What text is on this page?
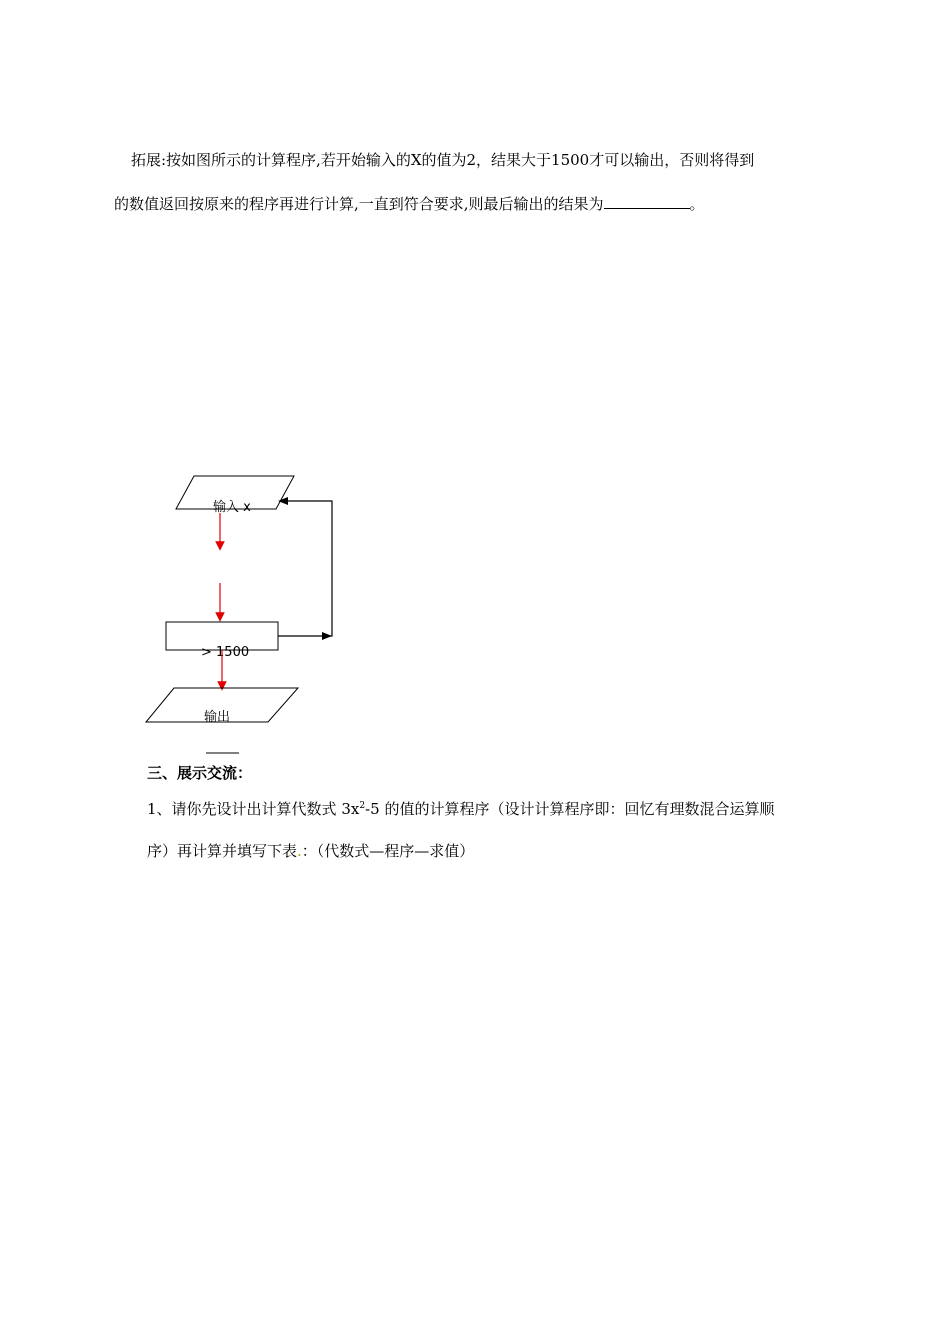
拓展:按如图所示的计算程序,若开始输入的X的值为2，结果大于1500才可以输出，否则将得到
的数值返回按原来的程序再进行计算,一直到符合要求,则最后输出的结果为	。
输入 x
> 1500
输出
三、展示交流：
1、请你先设计出计算代数式 $3x^2-5$ 的值的计算程序（设计计算程序即：回忆有理数混合运算顺
序）再计算并填写下表.：（代数式—程序—求值）
